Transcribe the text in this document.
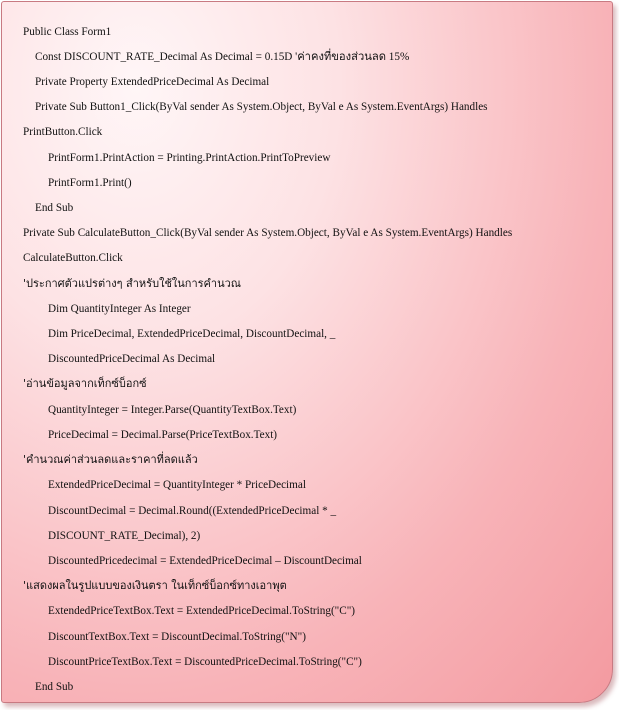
Public Class Form1
Const DISCOUNT_RATE_Decimal As Decimal = 0.15D 'ค่าคงที่ของส่วนลด 15%
Private Property ExtendedPriceDecimal As Decimal
Private Sub Button1_Click(ByVal sender As System.Object, ByVal e As System.EventArgs) Handles
PrintButton.Click
PrintForm1.PrintAction = Printing.PrintAction.PrintToPreview
PrintForm1.Print()
End Sub
Private Sub CalculateButton_Click(ByVal sender As System.Object, ByVal e As System.EventArgs) Handles
CalculateButton.Click
'ประกาศตัวแปรต่างๆ สำหรับใช้ในการคำนวณ
Dim QuantityInteger As Integer
Dim PriceDecimal, ExtendedPriceDecimal, DiscountDecimal, _
DiscountedPriceDecimal As Decimal
'อ่านข้อมูลจากเท็กซ์บ็อกซ์
QuantityInteger = Integer.Parse(QuantityTextBox.Text)
PriceDecimal = Decimal.Parse(PriceTextBox.Text)
'คำนวณค่าส่วนลดและราคาที่ลดแล้ว
ExtendedPriceDecimal = QuantityInteger * PriceDecimal
DiscountDecimal = Decimal.Round((ExtendedPriceDecimal * _
DISCOUNT_RATE_Decimal), 2)
DiscountedPricedecimal = ExtendedPriceDecimal – DiscountDecimal
'แสดงผลในรูปแบบของเงินตรา ในเท็กซ์บ็อกซ์ทางเอาพุต
ExtendedPriceTextBox.Text = ExtendedPriceDecimal.ToString("C")
DiscountTextBox.Text = DiscountDecimal.ToString("N")
DiscountPriceTextBox.Text = DiscountedPriceDecimal.ToString("C")
End Sub
